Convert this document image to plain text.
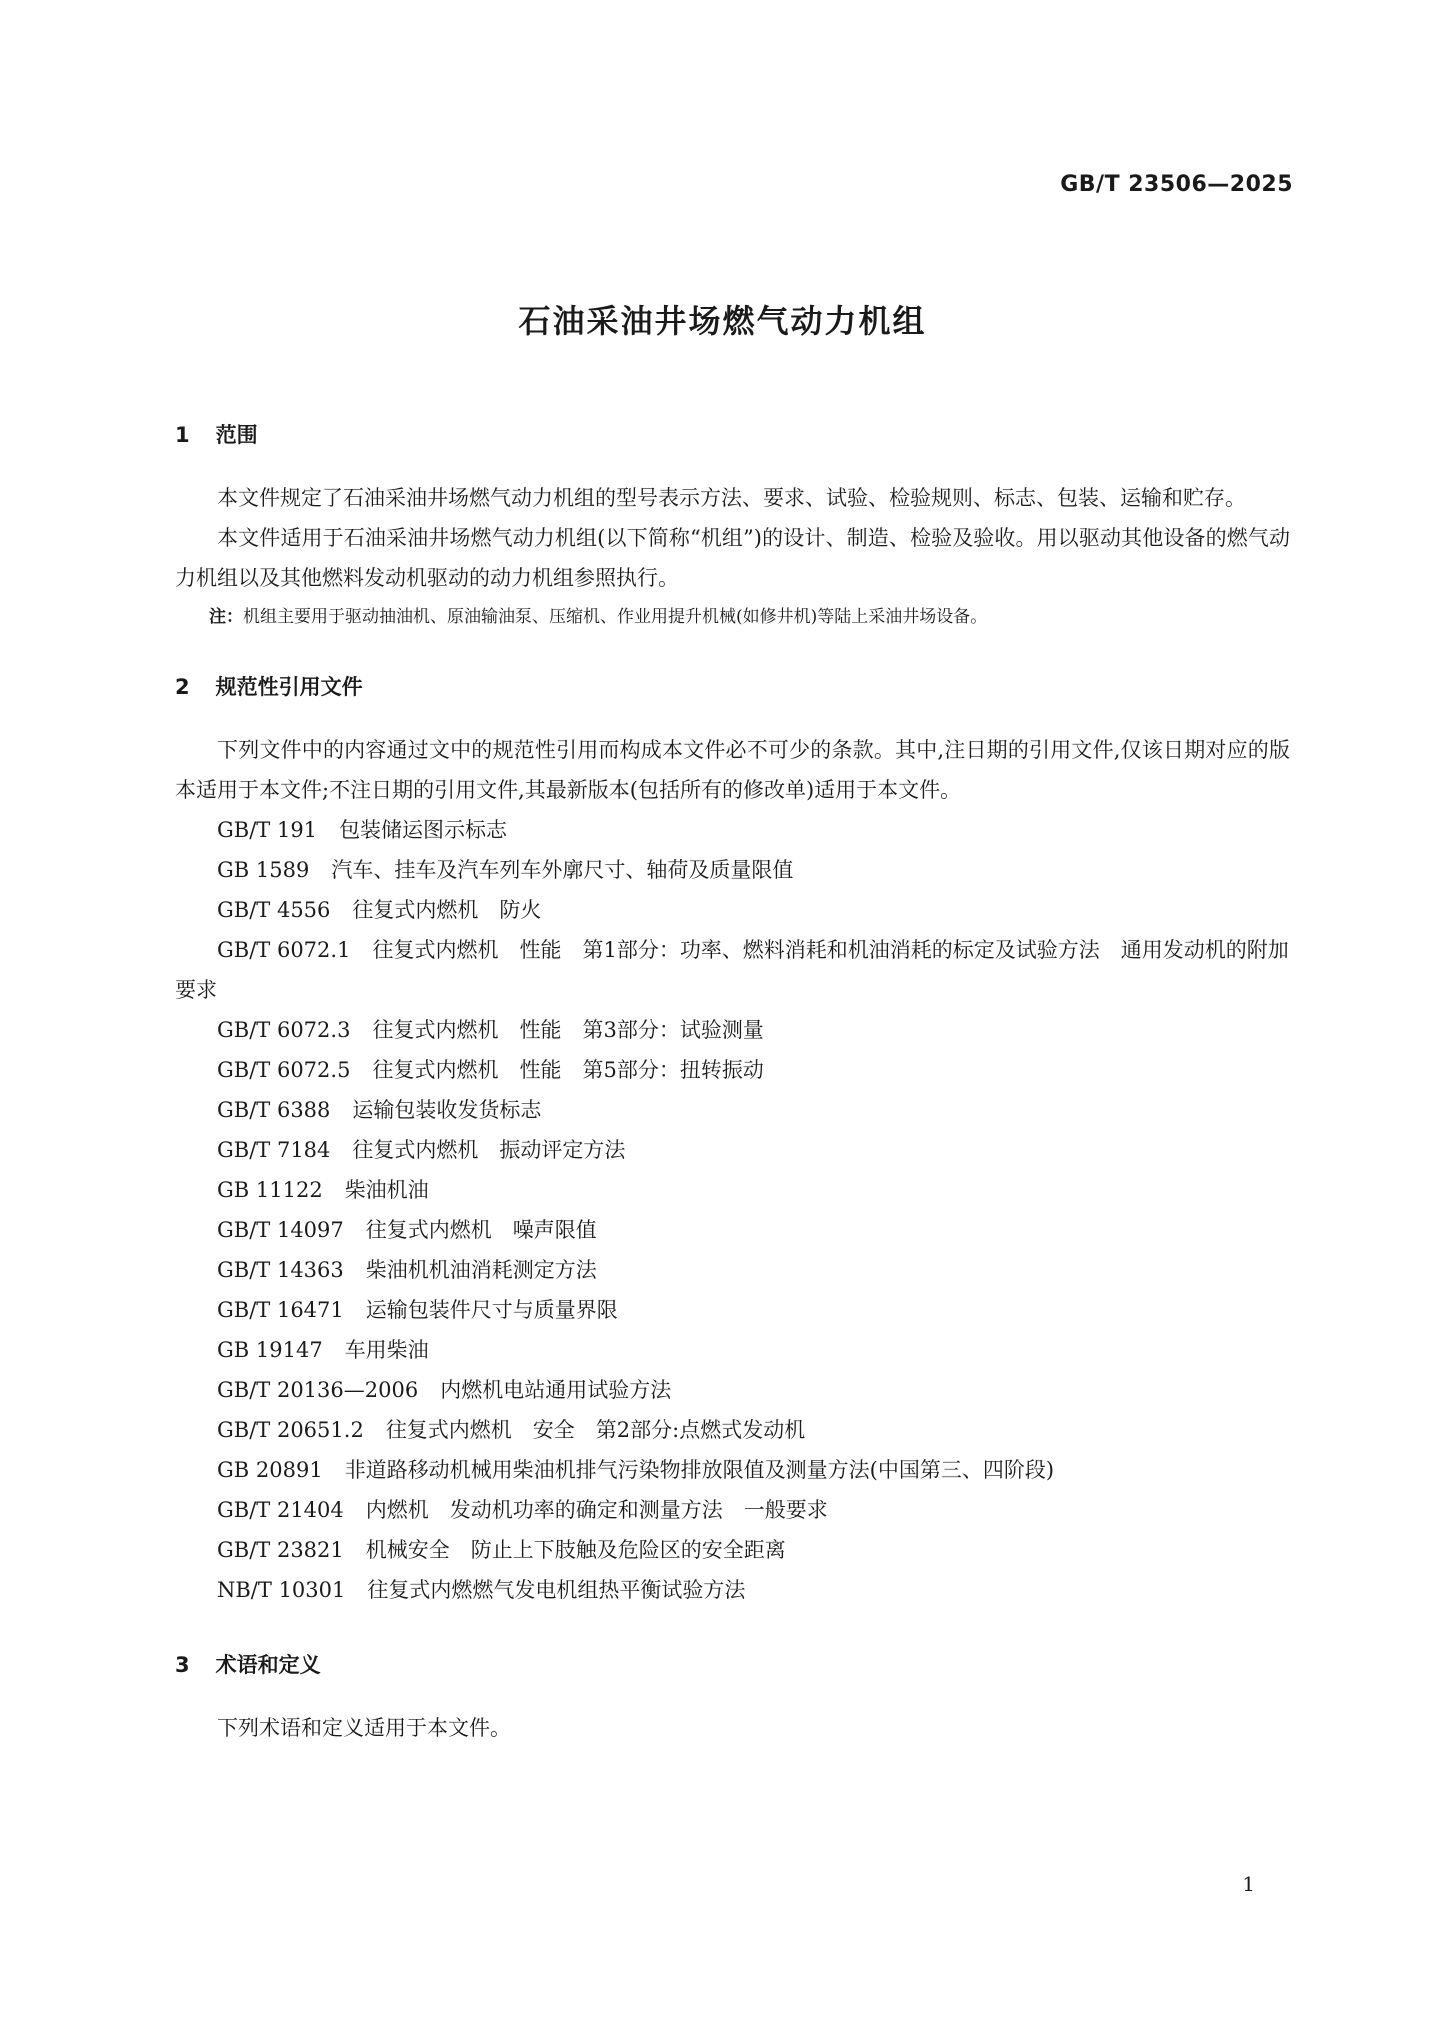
GB/T 23506—2025
石油采油井场燃气动力机组
1 范围
本文件规定了石油采油井场燃气动力机组的型号表示方法、要求、试验、检验规则、标志、包装、运输和贮存。
本文件适用于石油采油井场燃气动力机组(以下简称“机组”)的设计、制造、检验及验收。用以驱动其他设备的燃气动力机组以及其他燃料发动机驱动的动力机组参照执行。
注：机组主要用于驱动抽油机、原油输油泵、压缩机、作业用提升机械(如修井机)等陆上采油井场设备。
2 规范性引用文件
下列文件中的内容通过文中的规范性引用而构成本文件必不可少的条款。其中,注日期的引用文件,仅该日期对应的版本适用于本文件;不注日期的引用文件,其最新版本(包括所有的修改单)适用于本文件。
GB/T 191 包装储运图示标志
GB 1589 汽车、挂车及汽车列车外廓尺寸、轴荷及质量限值
GB/T 4556 往复式内燃机　防火
GB/T 6072.1 往复式内燃机　性能　第1部分：功率、燃料消耗和机油消耗的标定及试验方法　通用发动机的附加要求
GB/T 6072.3 往复式内燃机　性能　第3部分：试验测量
GB/T 6072.5 往复式内燃机　性能　第5部分：扭转振动
GB/T 6388 运输包装收发货标志
GB/T 7184 往复式内燃机　振动评定方法
GB 11122 柴油机油
GB/T 14097 往复式内燃机　噪声限值
GB/T 14363 柴油机机油消耗测定方法
GB/T 16471 运输包装件尺寸与质量界限
GB 19147 车用柴油
GB/T 20136—2006 内燃机电站通用试验方法
GB/T 20651.2 往复式内燃机　安全　第2部分:点燃式发动机
GB 20891 非道路移动机械用柴油机排气污染物排放限值及测量方法(中国第三、四阶段)
GB/T 21404 内燃机　发动机功率的确定和测量方法　一般要求
GB/T 23821 机械安全　防止上下肢触及危险区的安全距离
NB/T 10301 往复式内燃燃气发电机组热平衡试验方法
3 术语和定义
下列术语和定义适用于本文件。
1
